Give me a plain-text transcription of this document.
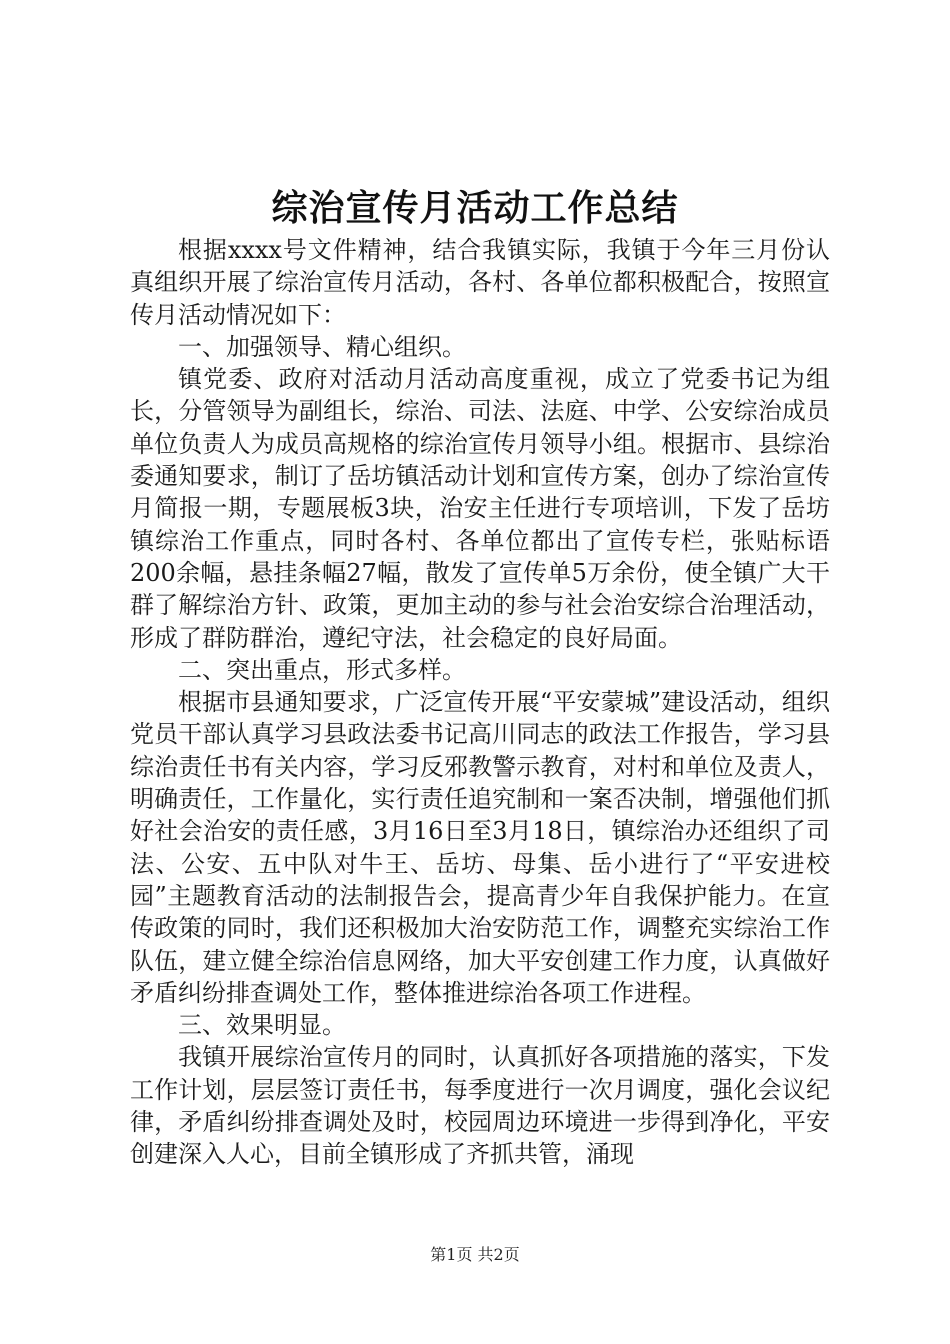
综治宣传月活动工作总结

根据xxxx号文件精神，结合我镇实际，我镇于今年三月份认真组织开展了综治宣传月活动，各村、各单位都积极配合，按照宣传月活动情况如下：

一、加强领导、精心组织。

镇党委、政府对活动月活动高度重视，成立了党委书记为组长，分管领导为副组长，综治、司法、法庭、中学、公安综治成员单位负责人为成员高规格的综治宣传月领导小组。根据市、县综治委通知要求，制订了岳坊镇活动计划和宣传方案，创办了综治宣传月简报一期，专题展板3块，治安主任进行专项培训，下发了岳坊镇综治工作重点，同时各村、各单位都出了宣传专栏，张贴标语200余幅，悬挂条幅27幅，散发了宣传单5万余份，使全镇广大干群了解综治方针、政策，更加主动的参与社会治安综合治理活动，形成了群防群治，遵纪守法，社会稳定的良好局面。

二、突出重点，形式多样。

根据市县通知要求，广泛宣传开展“平安蒙城”建设活动，组织党员干部认真学习县政法委书记高川同志的政法工作报告，学习县综治责任书有关内容，学习反邪教警示教育，对村和单位及责人，明确责任，工作量化，实行责任追究制和一案否决制，增强他们抓好社会治安的责任感，3月16日至3月18日，镇综治办还组织了司法、公安、五中队对牛王、岳坊、母集、岳小进行了“平安进校园”主题教育活动的法制报告会，提高青少年自我保护能力。在宣传政策的同时，我们还积极加大治安防范工作，调整充实综治工作队伍，建立健全综治信息网络，加大平安创建工作力度，认真做好矛盾纠纷排查调处工作，整体推进综治各项工作进程。

三、效果明显。

我镇开展综治宣传月的同时，认真抓好各项措施的落实，下发工作计划，层层签订责任书，每季度进行一次月调度，强化会议纪律，矛盾纠纷排查调处及时，校园周边环境进一步得到净化，平安创建深入人心，目前全镇形成了齐抓共管，涌现

第1页 共2页
